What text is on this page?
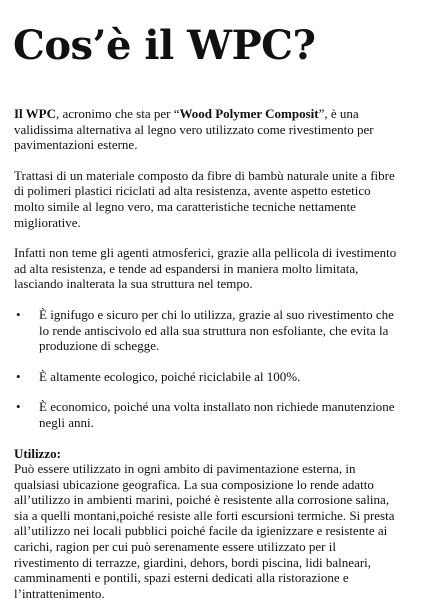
Cos’è il WPC?

Il WPC, acronimo che sta per “Wood Polymer Composit”, è una validissima alternativa al legno vero utilizzato come rivestimento per pavimentazioni esterne.

Trattasi di un materiale composto da fibre di bambù naturale unite a fibre di polimeri plastici riciclati ad alta resistenza, avente aspetto estetico molto simile al legno vero, ma caratteristiche tecniche nettamente migliorative.

Infatti non teme gli agenti atmosferici, grazie alla pellicola di ivestimento ad alta resistenza, e tende ad espandersi in maniera molto limitata, lasciando inalterata la sua struttura nel tempo.

• È ignifugo e sicuro per chi lo utilizza, grazie al suo rivestimento che lo rende antiscivolo ed alla sua struttura non esfoliante, che evita la produzione di schegge.
• È altamente ecologico, poiché riciclabile al 100%.
• È economico, poiché una volta installato non richiede manutenzione negli anni.

Utilizzo:

Può essere utilizzato in ogni ambito di pavimentazione esterna, in qualsiasi ubicazione geografica. La sua composizione lo rende adatto all’utilizzo in ambienti marini, poiché è resistente alla corrosione salina, sia a quelli montani,poiché resiste alle forti escursioni termiche. Si presta all’utilizzo nei locali pubblici poiché facile da igienizzare e resistente ai carichi, ragion per cui può serenamente essere utilizzato per il rivestimento di terrazze, giardini, dehors, bordi piscina, lidi balneari, camminamenti e pontili, spazi esterni dedicati alla ristorazione e l’intrattenimento.
